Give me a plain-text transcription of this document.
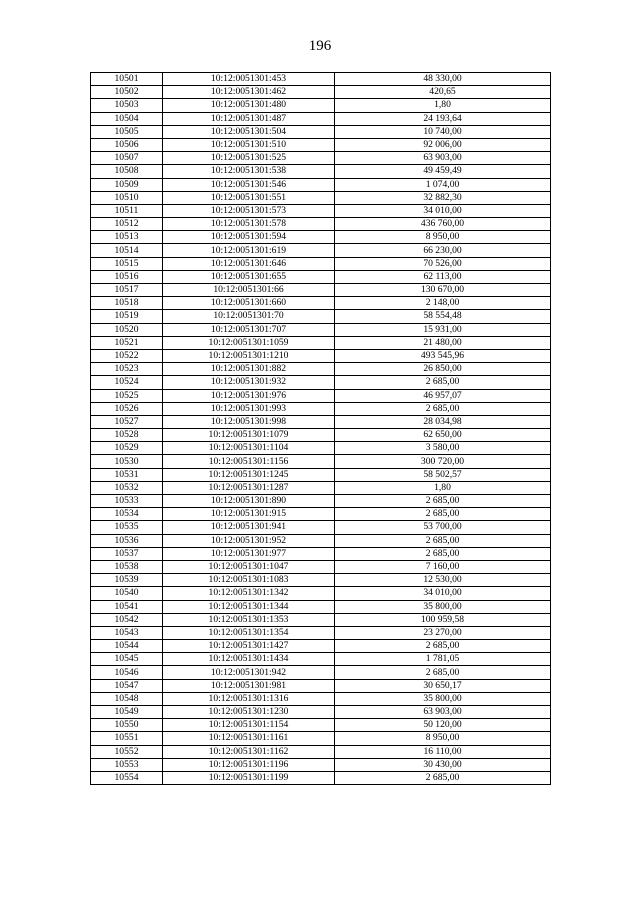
196
10501	10:12:0051301:453	48 330,00
10502	10:12:0051301:462	420,65
10503	10:12:0051301:480	1,80
10504	10:12:0051301:487	24 193,64
10505	10:12:0051301:504	10 740,00
10506	10:12:0051301:510	92 006,00
10507	10:12:0051301:525	63 903,00
10508	10:12:0051301:538	49 459,49
10509	10:12:0051301:546	1 074,00
10510	10:12:0051301:551	32 882,30
10511	10:12:0051301:573	34 010,00
10512	10:12:0051301:578	436 760,00
10513	10:12:0051301:594	8 950,00
10514	10:12:0051301:619	66 230,00
10515	10:12:0051301:646	70 526,00
10516	10:12:0051301:655	62 113,00
10517	10:12:0051301:66	130 670,00
10518	10:12:0051301:660	2 148,00
10519	10:12:0051301:70	58 554,48
10520	10:12:0051301:707	15 931,00
10521	10:12:0051301:1059	21 480,00
10522	10:12:0051301:1210	493 545,96
10523	10:12:0051301:882	26 850,00
10524	10:12:0051301:932	2 685,00
10525	10:12:0051301:976	46 957,07
10526	10:12:0051301:993	2 685,00
10527	10:12:0051301:998	28 034,98
10528	10:12:0051301:1079	62 650,00
10529	10:12:0051301:1104	3 580,00
10530	10:12:0051301:1156	300 720,00
10531	10:12:0051301:1245	58 502,57
10532	10:12:0051301:1287	1,80
10533	10:12:0051301:890	2 685,00
10534	10:12:0051301:915	2 685,00
10535	10:12:0051301:941	53 700,00
10536	10:12:0051301:952	2 685,00
10537	10:12:0051301:977	2 685,00
10538	10:12:0051301:1047	7 160,00
10539	10:12:0051301:1083	12 530,00
10540	10:12:0051301:1342	34 010,00
10541	10:12:0051301:1344	35 800,00
10542	10:12:0051301:1353	100 959,58
10543	10:12:0051301:1354	23 270,00
10544	10:12:0051301:1427	2 685,00
10545	10:12:0051301:1434	1 781,05
10546	10:12:0051301:942	2 685,00
10547	10:12:0051301:981	30 650,17
10548	10:12:0051301:1316	35 800,00
10549	10:12:0051301:1230	63 903,00
10550	10:12:0051301:1154	50 120,00
10551	10:12:0051301:1161	8 950,00
10552	10:12:0051301:1162	16 110,00
10553	10:12:0051301:1196	30 430,00
10554	10:12:0051301:1199	2 685,00
